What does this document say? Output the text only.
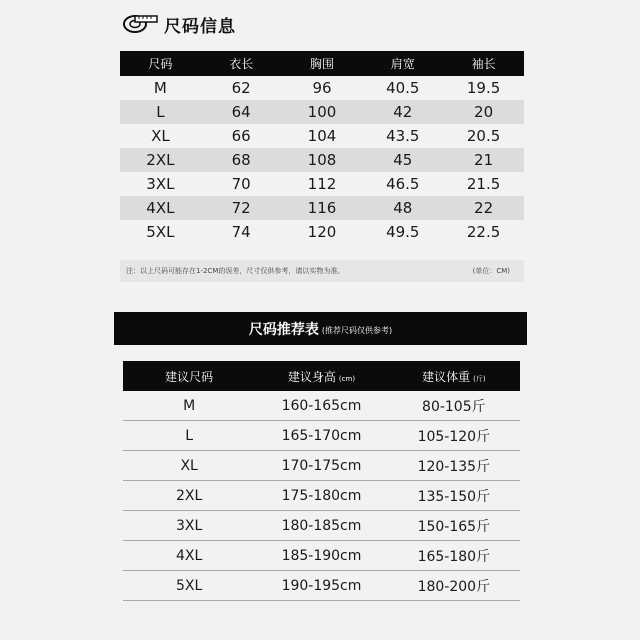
尺码信息
尺码	衣长	胸围	肩宽	袖长
M	62	96	40.5	19.5
L	64	100	42	20
XL	66	104	43.5	20.5
2XL	68	108	45	21
3XL	70	112	46.5	21.5
4XL	72	116	48	22
5XL	74	120	49.5	22.5
注：以上尺码可能存在1-2CM的误差，尺寸仅供参考，请以实物为准。	(单位：CM)
尺码推荐表 (推荐尺码仅供参考)
建议尺码	建议身高 (cm)	建议体重 (斤)
M	160-165cm	80-105斤
L	165-170cm	105-120斤
XL	170-175cm	120-135斤
2XL	175-180cm	135-150斤
3XL	180-185cm	150-165斤
4XL	185-190cm	165-180斤
5XL	190-195cm	180-200斤
